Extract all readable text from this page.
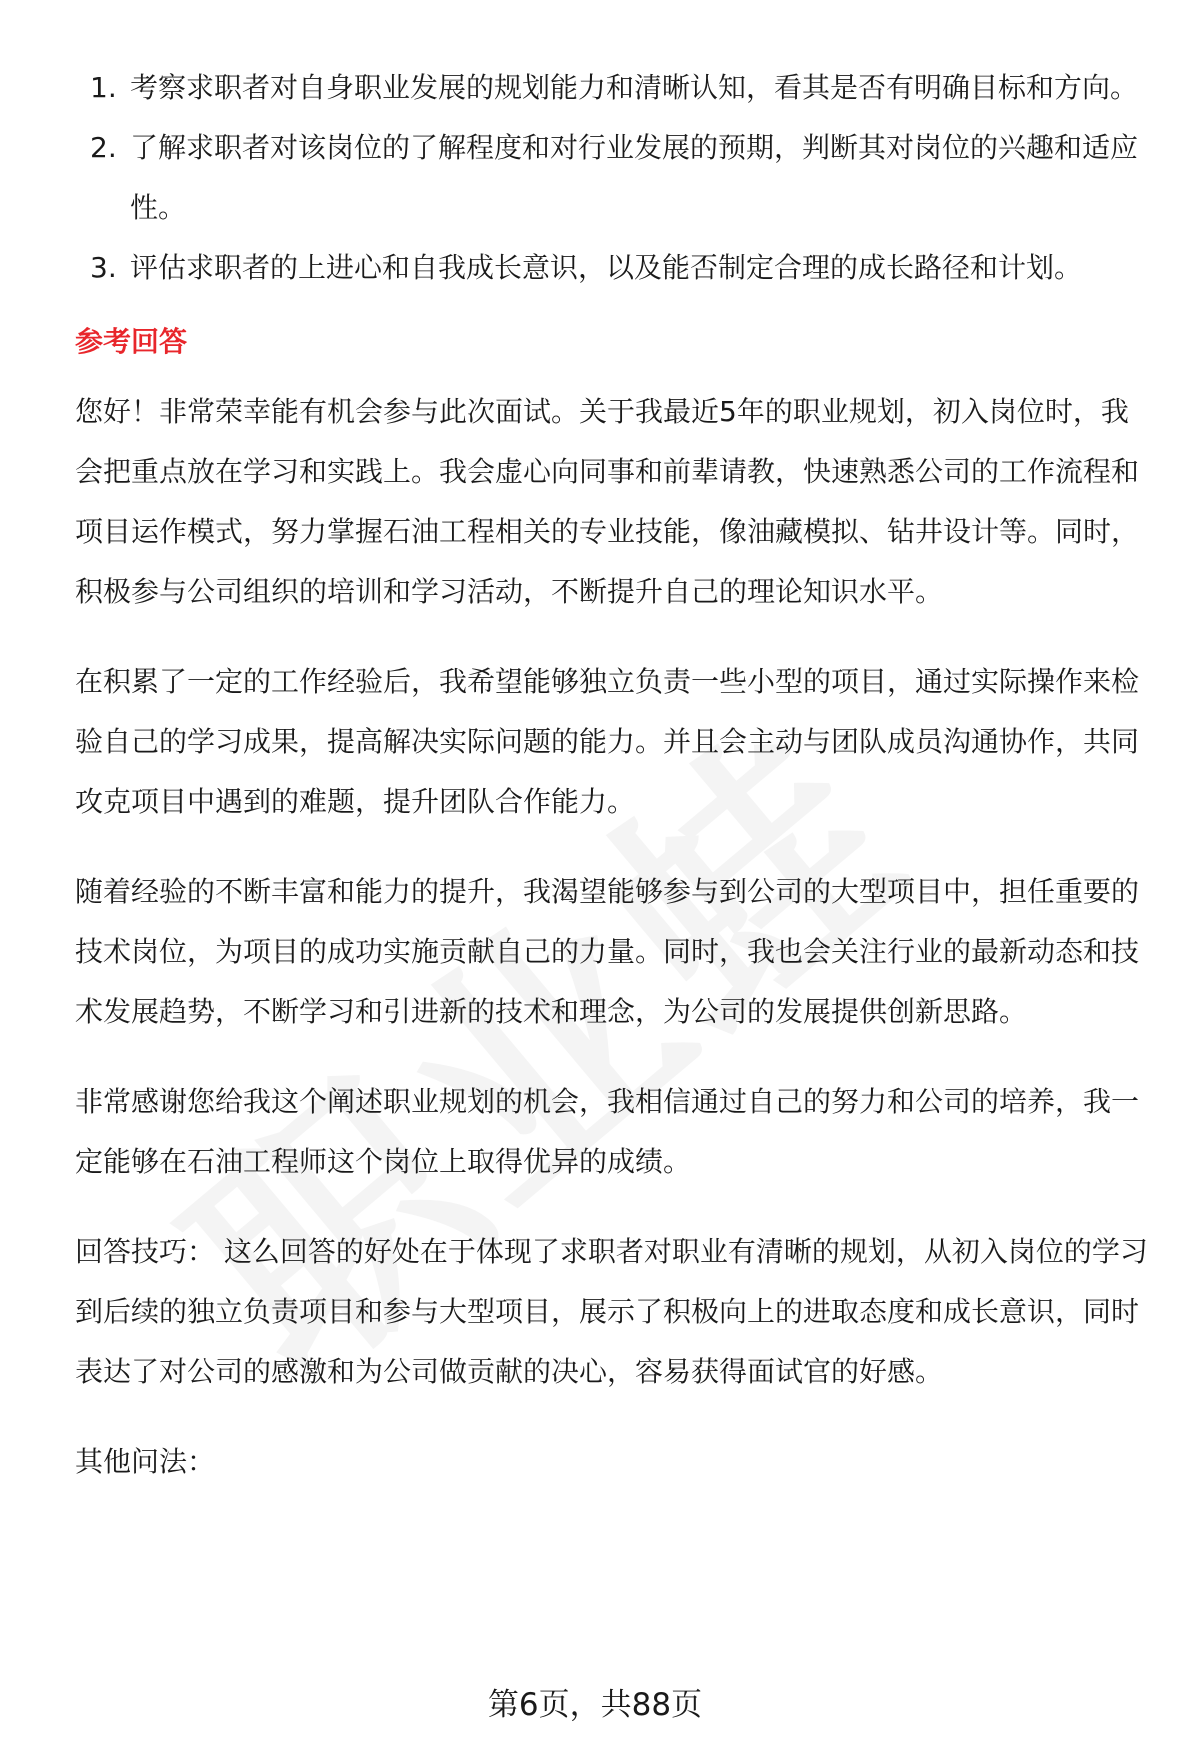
1. 考察求职者对自身职业发展的规划能力和清晰认知，看其是否有明确目标和方向。
2. 了解求职者对该岗位的了解程度和对行业发展的预期，判断其对岗位的兴趣和适应性。
3. 评估求职者的上进心和自我成长意识，以及能否制定合理的成长路径和计划。
参考回答

您好！非常荣幸能有机会参与此次面试。关于我最近5年的职业规划，初入岗位时，我会把重点放在学习和实践上。我会虚心向同事和前辈请教，快速熟悉公司的工作流程和项目运作模式，努力掌握石油工程相关的专业技能，像油藏模拟、钻井设计等。同时，积极参与公司组织的培训和学习活动，不断提升自己的理论知识水平。

在积累了一定的工作经验后，我希望能够独立负责一些小型的项目，通过实际操作来检验自己的学习成果，提高解决实际问题的能力。并且会主动与团队成员沟通协作，共同攻克项目中遇到的难题，提升团队合作能力。

随着经验的不断丰富和能力的提升，我渴望能够参与到公司的大型项目中，担任重要的技术岗位，为项目的成功实施贡献自己的力量。同时，我也会关注行业的最新动态和技术发展趋势，不断学习和引进新的技术和理念，为公司的发展提供创新思路。

非常感谢您给我这个阐述职业规划的机会，我相信通过自己的努力和公司的培养，我一定能够在石油工程师这个岗位上取得优异的成绩。

回答技巧： 这么回答的好处在于体现了求职者对职业有清晰的规划，从初入岗位的学习到后续的独立负责项目和参与大型项目，展示了积极向上的进取态度和成长意识，同时表达了对公司的感激和为公司做贡献的决心，容易获得面试官的好感。

其他问法：

第6页，共88页
